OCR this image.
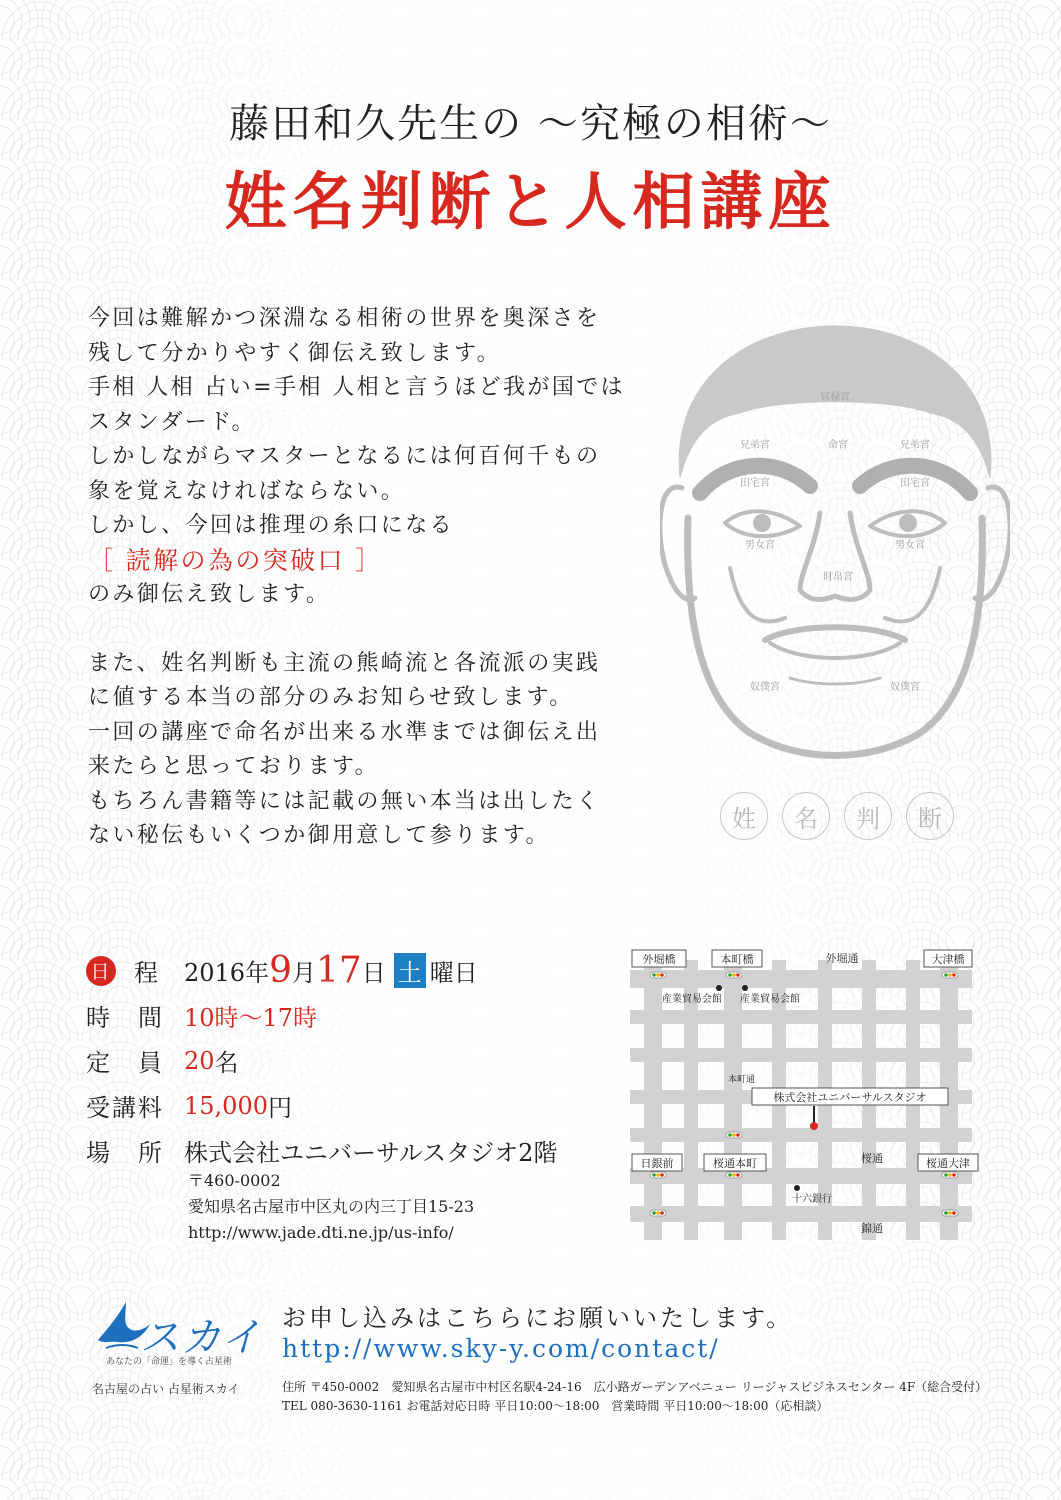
藤田和久先生の ～究極の相術～
姓名判断と人相講座
今回は難解かつ深淵なる相術の世界を奥深さを
残して分かりやすく御伝え致します。
手相 人相 占い=手相 人相と言うほど我が国では
スタンダード。
しかしながらマスターとなるには何百何千もの
象を覚えなければならない。
しかし、今回は推理の糸口になる
［ 読解の為の突破口 ］
のみ御伝え致します。
また、姓名判断も主流の熊崎流と各流派の実践
に値する本当の部分のみお知らせ致します。
一回の講座で命名が出来る水準までは御伝え出
来たらと思っております。
もちろん書籍等には記載の無い本当は出したく
ない秘伝もいくつか御用意して参ります。
官禄宮
命宮
兄弟宮	兄弟宮
田宅宮	田宅宮
男女宮	男女宮
財帛宮
奴僕宮	奴僕宮
姓	名	判	断
日 程 2016年 9 月 17 日 土 曜日
時　間 10時～17時
定　員 20 名
受講料 15,000 円
場　所 株式会社ユニバーサルスタジオ2階
〒460-0002
愛知県名古屋市中区丸の内三丁目15-23
http://www.jade.dti.ne.jp/us-info/
外堀橋	本町橋	外堀通	大津橋
産業貿易会館 産業貿易会館
本町通
株式会社ユニバーサルスタジオ
日銀前	桜通本町	桜通	桜通大津
十六銀行
錦通
スカイ
あなたの「命運」を導く占星術
名古屋の占い 占星術スカイ
お申し込みはこちらにお願いいたします。
http://www.sky-y.com/contact/
住所 〒450-0002　愛知県名古屋市中村区名駅4-24-16　広小路ガーデンアベニュー リージャスビジネスセンター 4F（総合受付）
TEL 080-3630-1161 お電話対応日時 平日10:00～18:00　営業時間 平日10:00～18:00（応相談）
